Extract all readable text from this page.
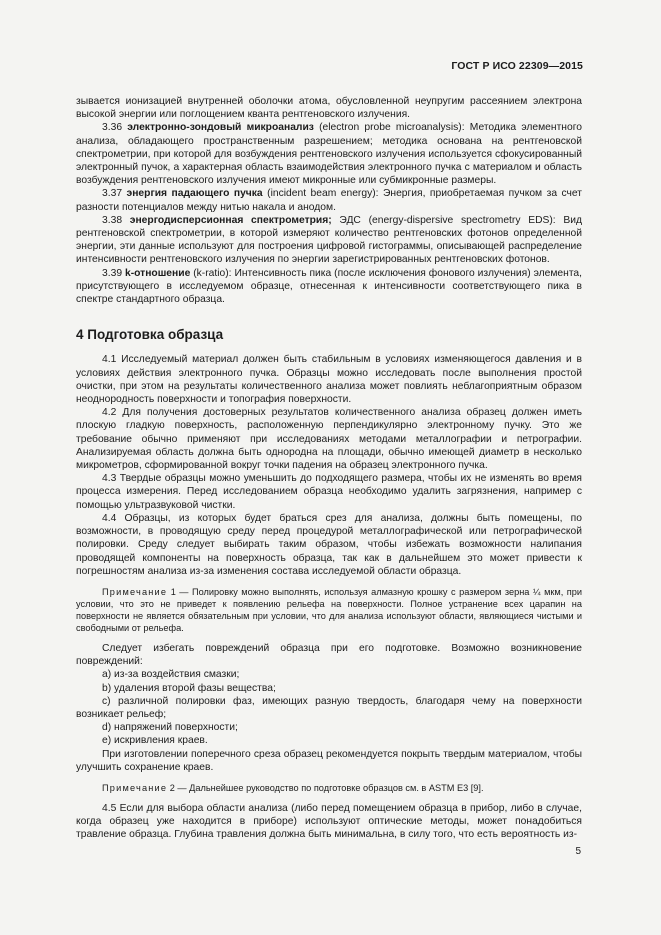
ГОСТ Р ИСО 22309—2015

зывается ионизацией внутренней оболочки атома, обусловленной неупругим рассеянием электрона высокой энергии или поглощением кванта рентгеновского излучения.

3.36 электронно-зондовый микроанализ (electron probe microanalysis): Методика элементного анализа, обладающего пространственным разрешением; методика основана на рентгеновской спектрометрии, при которой для возбуждения рентгеновского излучения используется сфокусированный электронный пучок, а характерная область взаимодействия электронного пучка с материалом и область возбуждения рентгеновского излучения имеют микронные или субмикронные размеры.

3.37 энергия падающего пучка (incident beam energy): Энергия, приобретаемая пучком за счет разности потенциалов между нитью накала и анодом.

3.38 энергодисперсионная спектрометрия; ЭДС (energy-dispersive spectrometry EDS): Вид рентгеновской спектрометрии, в которой измеряют количество рентгеновских фотонов определенной энергии, эти данные используют для построения цифровой гистограммы, описывающей распределение интенсивности рентгеновского излучения по энергии зарегистрированных рентгеновских фотонов.

3.39 k-отношение (k-ratio): Интенсивность пика (после исключения фонового излучения) элемента, присутствующего в исследуемом образце, отнесенная к интенсивности соответствующего пика в спектре стандартного образца.

4 Подготовка образца

4.1 Исследуемый материал должен быть стабильным в условиях изменяющегося давления и в условиях действия электронного пучка. Образцы можно исследовать после выполнения простой очистки, при этом на результаты количественного анализа может повлиять неблагоприятным образом неоднородность поверхности и топография поверхности.

4.2 Для получения достоверных результатов количественного анализа образец должен иметь плоскую гладкую поверхность, расположенную перпендикулярно электронному пучку. Это же требование обычно применяют при исследованиях методами металлографии и петрографии. Анализируемая область должна быть однородна на площади, обычно имеющей диаметр в несколько микрометров, сформированной вокруг точки падения на образец электронного пучка.

4.3 Твердые образцы можно уменьшить до подходящего размера, чтобы их не изменять во время процесса измерения. Перед исследованием образца необходимо удалить загрязнения, например с помощью ультразвуковой чистки.

4.4 Образцы, из которых будет браться срез для анализа, должны быть помещены, по возможности, в проводящую среду перед процедурой металлографической или петрографической полировки. Среду следует выбирать таким образом, чтобы избежать возможности налипания проводящей компоненты на поверхность образца, так как в дальнейшем это может привести к погрешностям анализа из-за изменения состава исследуемой области образца.

Примечание 1 — Полировку можно выполнять, используя алмазную крошку с размером зерна ¼ мкм, при условии, что это не приведет к появлению рельефа на поверхности. Полное устранение всех царапин на поверхности не является обязательным при условии, что для анализа используют области, являющиеся чистыми и свободными от рельефа.

Следует избегать повреждений образца при его подготовке. Возможно возникновение повреждений:

a) из-за воздействия смазки;

b) удаления второй фазы вещества;

c) различной полировки фаз, имеющих разную твердость, благодаря чему на поверхности возникает рельеф;

d) напряжений поверхности;

e) искривления краев.

При изготовлении поперечного среза образец рекомендуется покрыть твердым материалом, чтобы улучшить сохранение краев.

Примечание 2 — Дальнейшее руководство по подготовке образцов см. в ASTM E3 [9].

4.5 Если для выбора области анализа (либо перед помещением образца в прибор, либо в случае, когда образец уже находится в приборе) используют оптические методы, может понадобиться травление образца. Глубина травления должна быть минимальна, в силу того, что есть вероятность из-

5
